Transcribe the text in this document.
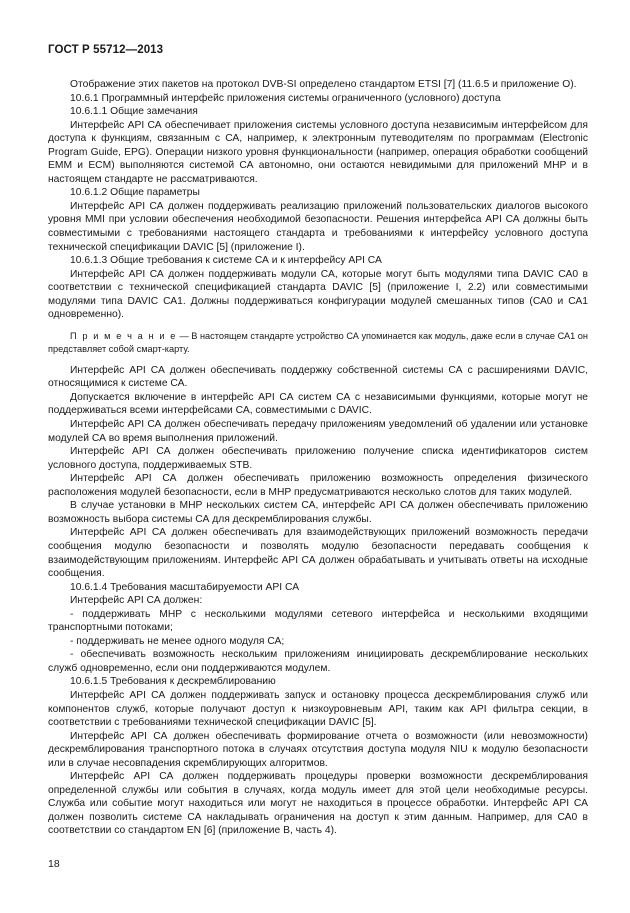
ГОСТ Р 55712—2013

Отображение этих пакетов на протокол DVB-SI определено стандартом ETSI [7] (11.6.5 и приложение О).

10.6.1 Программный интерфейс приложения системы ограниченного (условного) доступа

10.6.1.1 Общие замечания

Интерфейс API СА обеспечивает приложения системы условного доступа независимым интерфейсом для доступа к функциям, связанным с СА, например, к электронным путеводителям по программам (Electronic Program Guide, EPG). Операции низкого уровня функциональности (например, операция обработки сообщений EMM и ECM) выполняются системой СА автономно, они остаются невидимыми для приложений MHP и в настоящем стандарте не рассматриваются.

10.6.1.2 Общие параметры

Интерфейс API СА должен поддерживать реализацию приложений пользовательских диалогов высокого уровня MMI при условии обеспечения необходимой безопасности. Решения интерфейса API СА должны быть совместимыми с требованиями настоящего стандарта и требованиями к интерфейсу условного доступа технической спецификации DAVIC [5] (приложение I).

10.6.1.3 Общие требования к системе СА и к интерфейсу API СА

Интерфейс API СА должен поддерживать модули СА, которые могут быть модулями типа DAVIC СА0 в соответствии с технической спецификацией стандарта DAVIC [5] (приложение I, 2.2) или совместимыми модулями типа DAVIC СА1. Должны поддерживаться конфигурации модулей смешанных типов (СА0 и СА1 одновременно).

П р и м е ч а н и е — В настоящем стандарте устройство СА упоминается как модуль, даже если в случае СА1 он представляет собой смарт-карту.

Интерфейс API СА должен обеспечивать поддержку собственной системы СА с расширениями DAVIC, относящимися к системе СА.

Допускается включение в интерфейс API СА систем СА с независимыми функциями, которые могут не поддерживаться всеми интерфейсами СА, совместимыми с DAVIC.

Интерфейс API СА должен обеспечивать передачу приложениям уведомлений об удалении или установке модулей СА во время выполнения приложений.

Интерфейс API СА должен обеспечивать приложению получение списка идентификаторов систем условного доступа, поддерживаемых STB.

Интерфейс API СА должен обеспечивать приложению возможность определения физического расположения модулей безопасности, если в MHP предусматриваются несколько слотов для таких модулей.

В случае установки в MHP нескольких систем СА, интерфейс API СА должен обеспечивать приложению возможность выбора системы СА для дескремблирования службы.

Интерфейс API СА должен обеспечивать для взаимодействующих приложений возможность передачи сообщения модулю безопасности и позволять модулю безопасности передавать сообщения к взаимодействующим приложениям. Интерфейс API СА должен обрабатывать и учитывать ответы на исходные сообщения.

10.6.1.4 Требования масштабируемости API СА

Интерфейс API СА должен:

- поддерживать MHP с несколькими модулями сетевого интерфейса и несколькими входящими транспортными потоками;

- поддерживать не менее одного модуля СА;

- обеспечивать возможность нескольким приложениям инициировать дескремблирование нескольких служб одновременно, если они поддерживаются модулем.

10.6.1.5 Требования к дескремблированию

Интерфейс API СА должен поддерживать запуск и остановку процесса дескремблирования служб или компонентов служб, которые получают доступ к низкоуровневым API, таким как API фильтра секции, в соответствии с требованиями технической спецификации DAVIC [5].

Интерфейс API СА должен обеспечивать формирование отчета о возможности (или невозможности) дескремблирования транспортного потока в случаях отсутствия доступа модуля NIU к модулю безопасности или в случае несовпадения скремблирующих алгоритмов.

Интерфейс API СА должен поддерживать процедуры проверки возможности дескремблирования определенной службы или события в случаях, когда модуль имеет для этой цели необходимые ресурсы. Служба или событие могут находиться или могут не находиться в процессе обработки. Интерфейс API СА должен позволить системе СА накладывать ограничения на доступ к этим данным. Например, для СА0 в соответствии со стандартом EN [6] (приложение В, часть 4).

18
